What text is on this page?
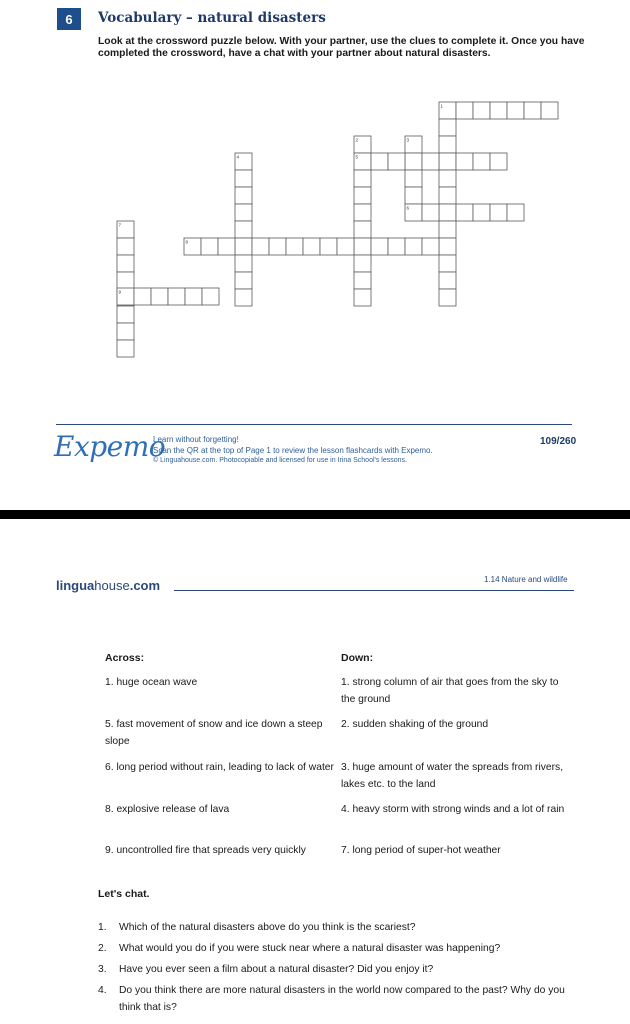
6	Vocabulary – natural disasters
Look at the crossword puzzle below. With your partner, use the clues to complete it. Once you have completed the crossword, have a chat with your partner about natural disasters.
1
2	3
4	5
6
7
8
9
Expemo
Learn without forgetting!
Scan the QR at the top of Page 1 to review the lesson flashcards with Expemo.
© Linguahouse.com. Photocopiable and licensed for use in Irina School's lessons.
109/260
linguahouse.com	1.14 Nature and wildlife
Across:	Down:
1. huge ocean wave
5. fast movement of snow and ice down a steep slope
6. long period without rain, leading to lack of water
8. explosive release of lava
9. uncontrolled fire that spreads very quickly
1. strong column of air that goes from the sky to the ground
2. sudden shaking of the ground
3. huge amount of water the spreads from rivers, lakes etc. to the land
4. heavy storm with strong winds and a lot of rain
7. long period of super-hot weather
Let's chat.
1. Which of the natural disasters above do you think is the scariest?
2. What would you do if you were stuck near where a natural disaster was happening?
3. Have you ever seen a film about a natural disaster? Did you enjoy it?
4. Do you think there are more natural disasters in the world now compared to the past? Why do you think that is?
